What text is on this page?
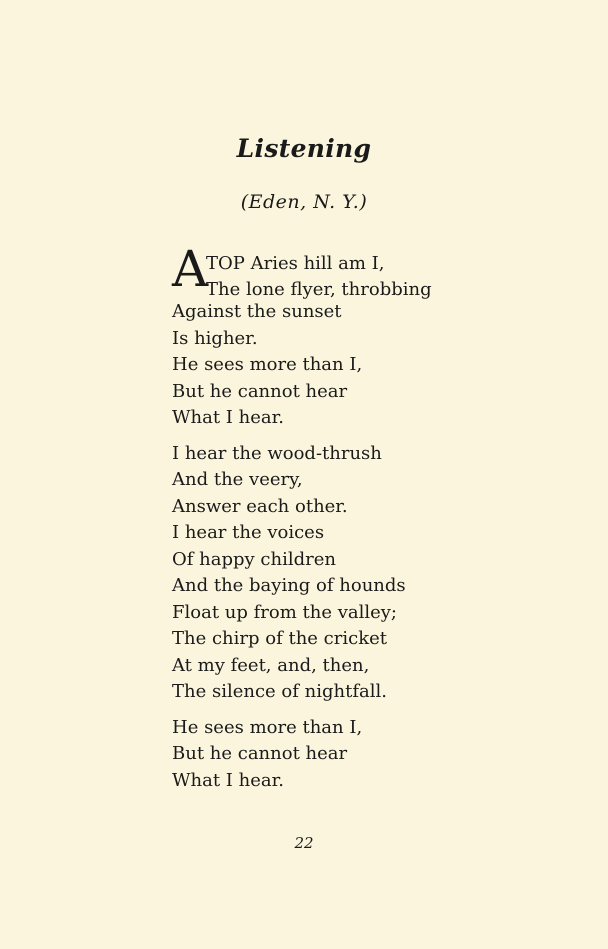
Listening
(Eden, N. Y.)
A
TOP Aries hill am I,
The lone flyer, throbbing
Against the sunset
Is higher.
He sees more than I,
But he cannot hear
What I hear.
I hear the wood-thrush
And the veery,
Answer each other.
I hear the voices
Of happy children
And the baying of hounds
Float up from the valley;
The chirp of the cricket
At my feet, and, then,
The silence of nightfall.
He sees more than I,
But he cannot hear
What I hear.
22
